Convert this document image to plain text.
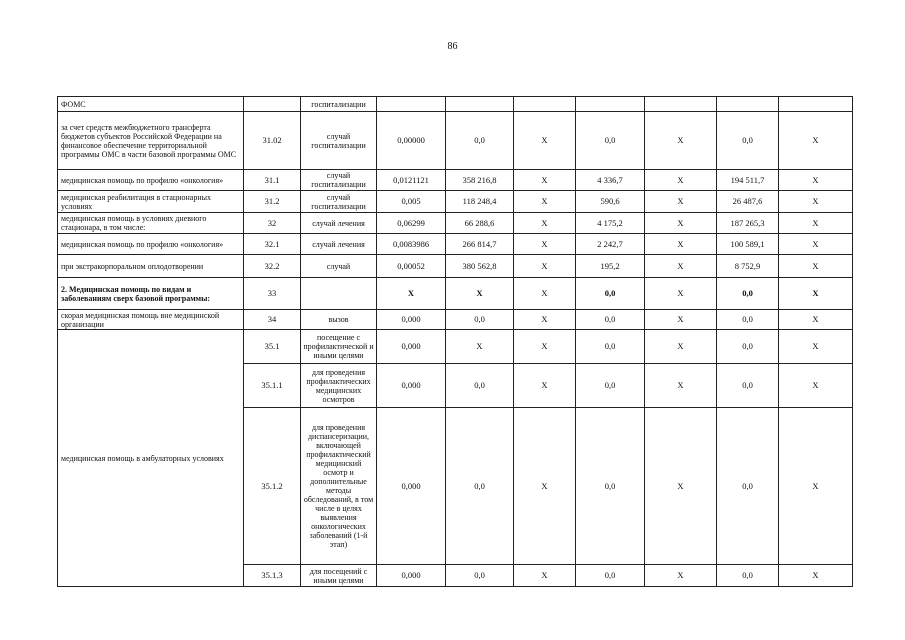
86
ФОМС		госпитализации							
за счет средств межбюджетного трансферта бюджетов субъектов Российской Федерации на финансовое обеспечение территориальной программы ОМС в части базовой программы ОМС	31.02	случай госпитализации	0,00000	0,0	X	0,0	X	0,0	X
медицинская помощь по профилю «онкология»	31.1	случай госпитализации	0,0121121	358 216,8	X	4 336,7	X	194 511,7	X
медицинская реабилитация в стационарных условиях	31.2	случай госпитализации	0,005	118 248,4	X	590,6	X	26 487,6	X
медицинская помощь в условиях дневного стационара, в том числе:	32	случай лечения	0,06299	66 288,6	X	4 175,2	X	187 265,3	X
медицинская помощь по профилю «онкология»	32.1	случай лечения	0,0083986	266 814,7	X	2 242,7	X	100 589,1	X
при экстракорпоральном оплодотворении	32.2	случай	0,00052	380 562,8	X	195,2	X	8 752,9	X
2. Медицинская помощь по видам и заболеваниям сверх базовой программы:	33		X	X	X	0,0	X	0,0	X
скорая медицинская помощь вне медицинской организации	34	вызов	0,000	0,0	X	0,0	X	0,0	X
медицинская помощь в амбулаторных условиях	35.1	посещение с профилактической и иными целями	0,000	X	X	0,0	X	0,0	X
	35.1.1	для проведения профилактических медицинских осмотров	0,000	0,0	X	0,0	X	0,0	X
	35.1.2	для проведения диспансеризации, включающей профилактический медицинский осмотр и дополнительные методы обследований, в том числе в целях выявления онкологических заболеваний (1-й этап)	0,000	0,0	X	0,0	X	0,0	X
	35.1.3	для посещений с иными целями	0,000	0,0	X	0,0	X	0,0	X
